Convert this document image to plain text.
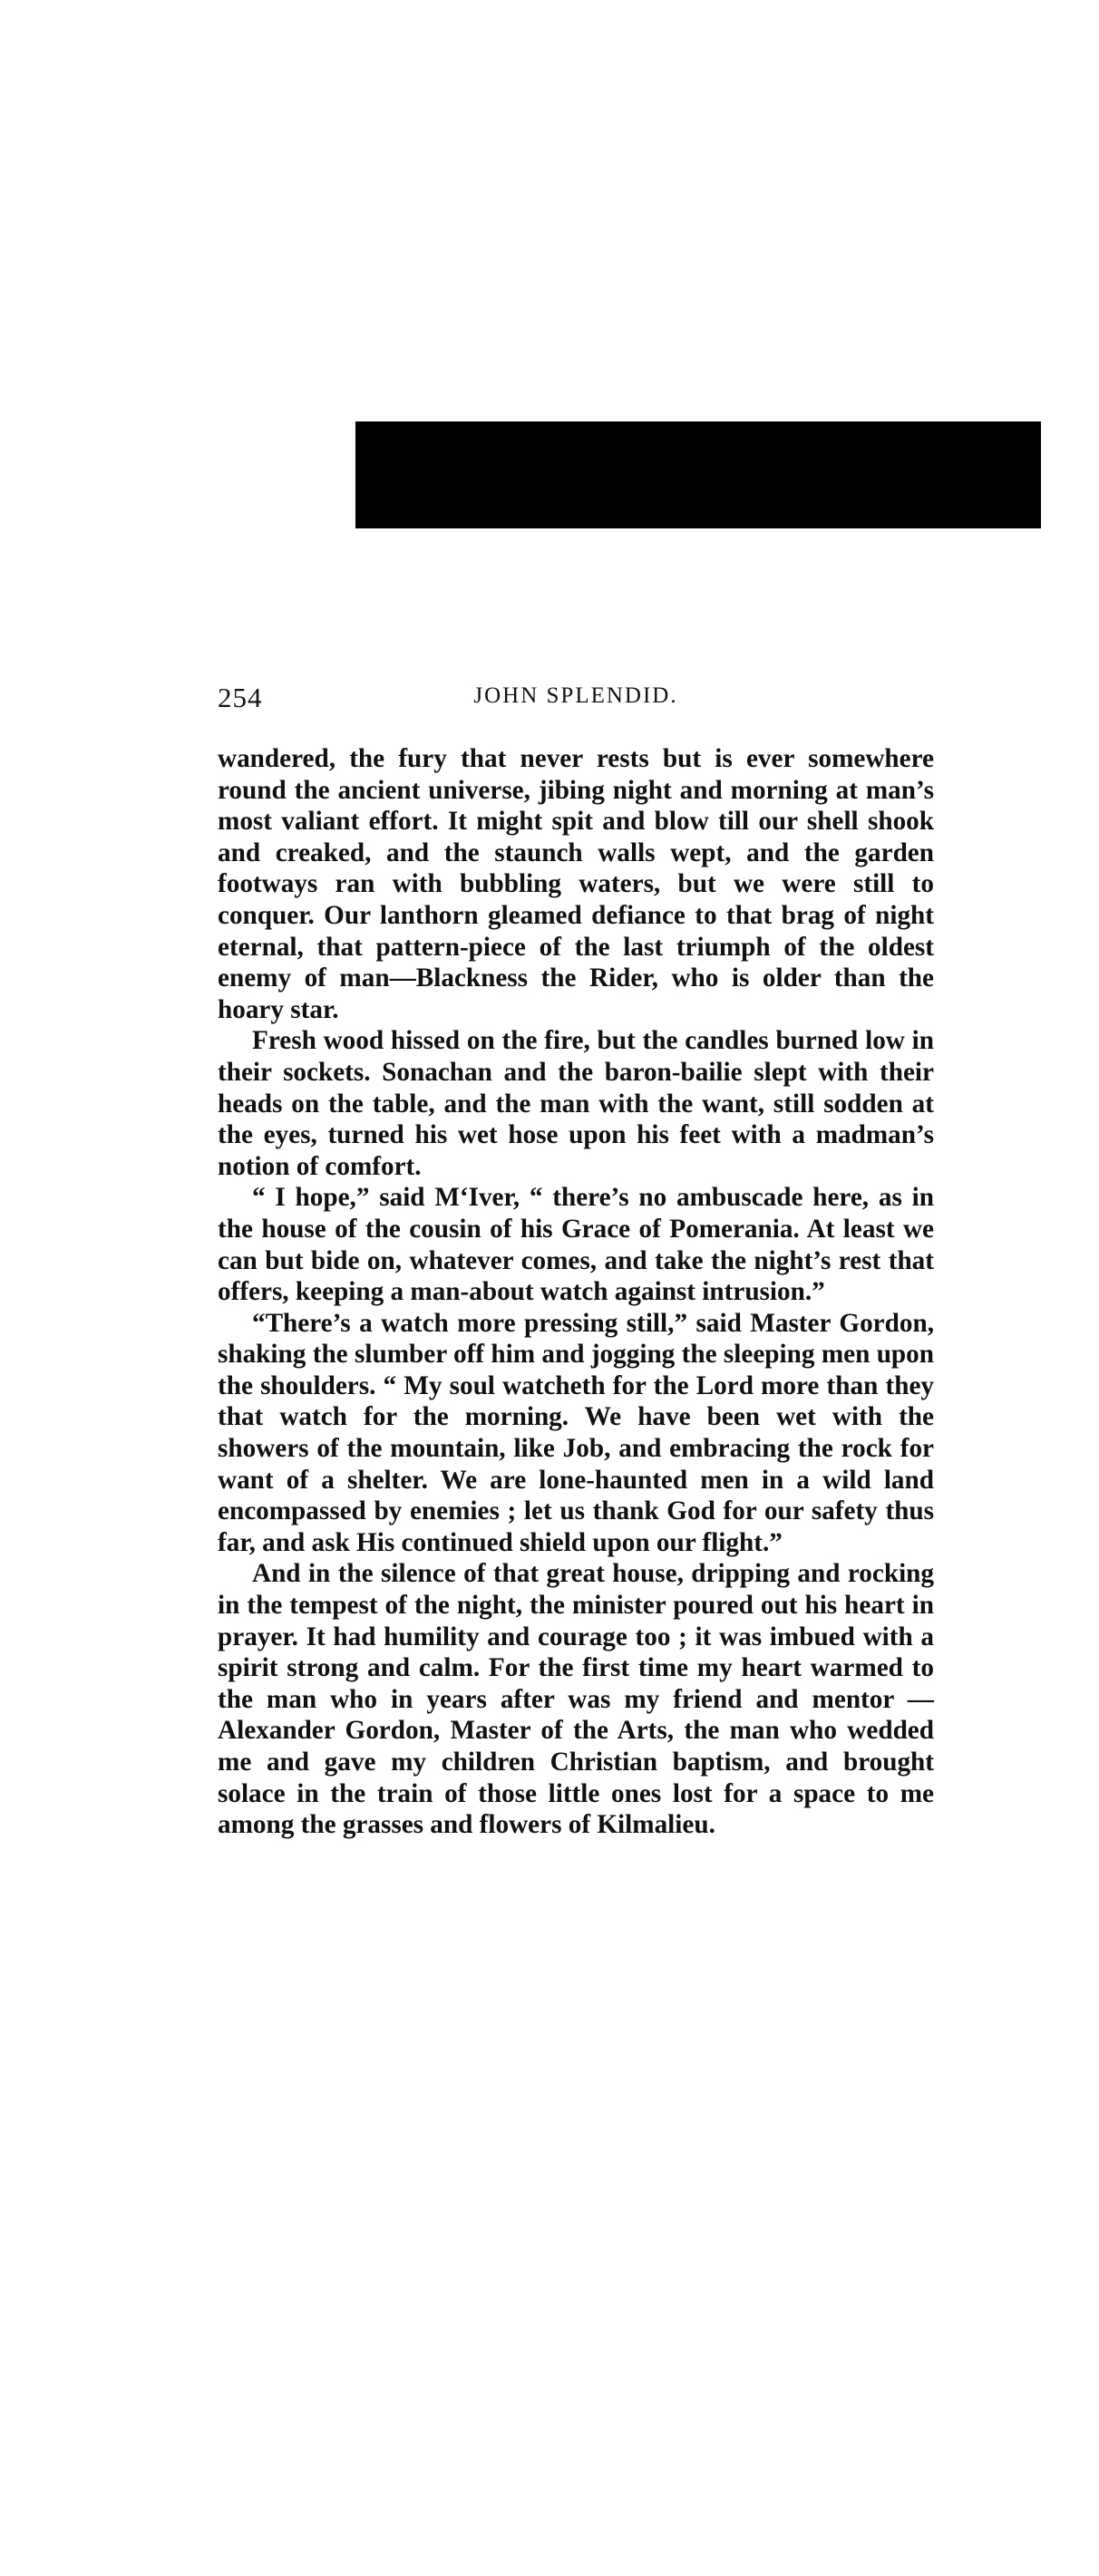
254	JOHN SPLENDID.

wandered, the fury that never rests but is ever somewhere round the ancient universe, jibing night and morning at man’s most valiant effort. It might spit and blow till our shell shook and creaked, and the staunch walls wept, and the garden footways ran with bubbling waters, but we were still to conquer. Our lanthorn gleamed defiance to that brag of night eternal, that pattern-piece of the last triumph of the oldest enemy of man—Blackness the Rider, who is older than the hoary star.

Fresh wood hissed on the fire, but the candles burned low in their sockets. Sonachan and the baron-bailie slept with their heads on the table, and the man with the want, still sodden at the eyes, turned his wet hose upon his feet with a madman’s notion of comfort.

“ I hope,” said M‘Iver, “ there’s no ambuscade here, as in the house of the cousin of his Grace of Pomerania. At least we can but bide on, whatever comes, and take the night’s rest that offers, keeping a man-about watch against intrusion.”

“There’s a watch more pressing still,” said Master Gordon, shaking the slumber off him and jogging the sleeping men upon the shoulders. “ My soul watcheth for the Lord more than they that watch for the morning. We have been wet with the showers of the mountain, like Job, and embracing the rock for want of a shelter. We are lone-haunted men in a wild land encompassed by enemies ; let us thank God for our safety thus far, and ask His continued shield upon our flight.”

And in the silence of that great house, dripping and rocking in the tempest of the night, the minister poured out his heart in prayer. It had humility and courage too ; it was imbued with a spirit strong and calm. For the first time my heart warmed to the man who in years after was my friend and mentor — Alexander Gordon, Master of the Arts, the man who wedded me and gave my children Christian baptism, and brought solace in the train of those little ones lost for a space to me among the grasses and flowers of Kilmalieu.
